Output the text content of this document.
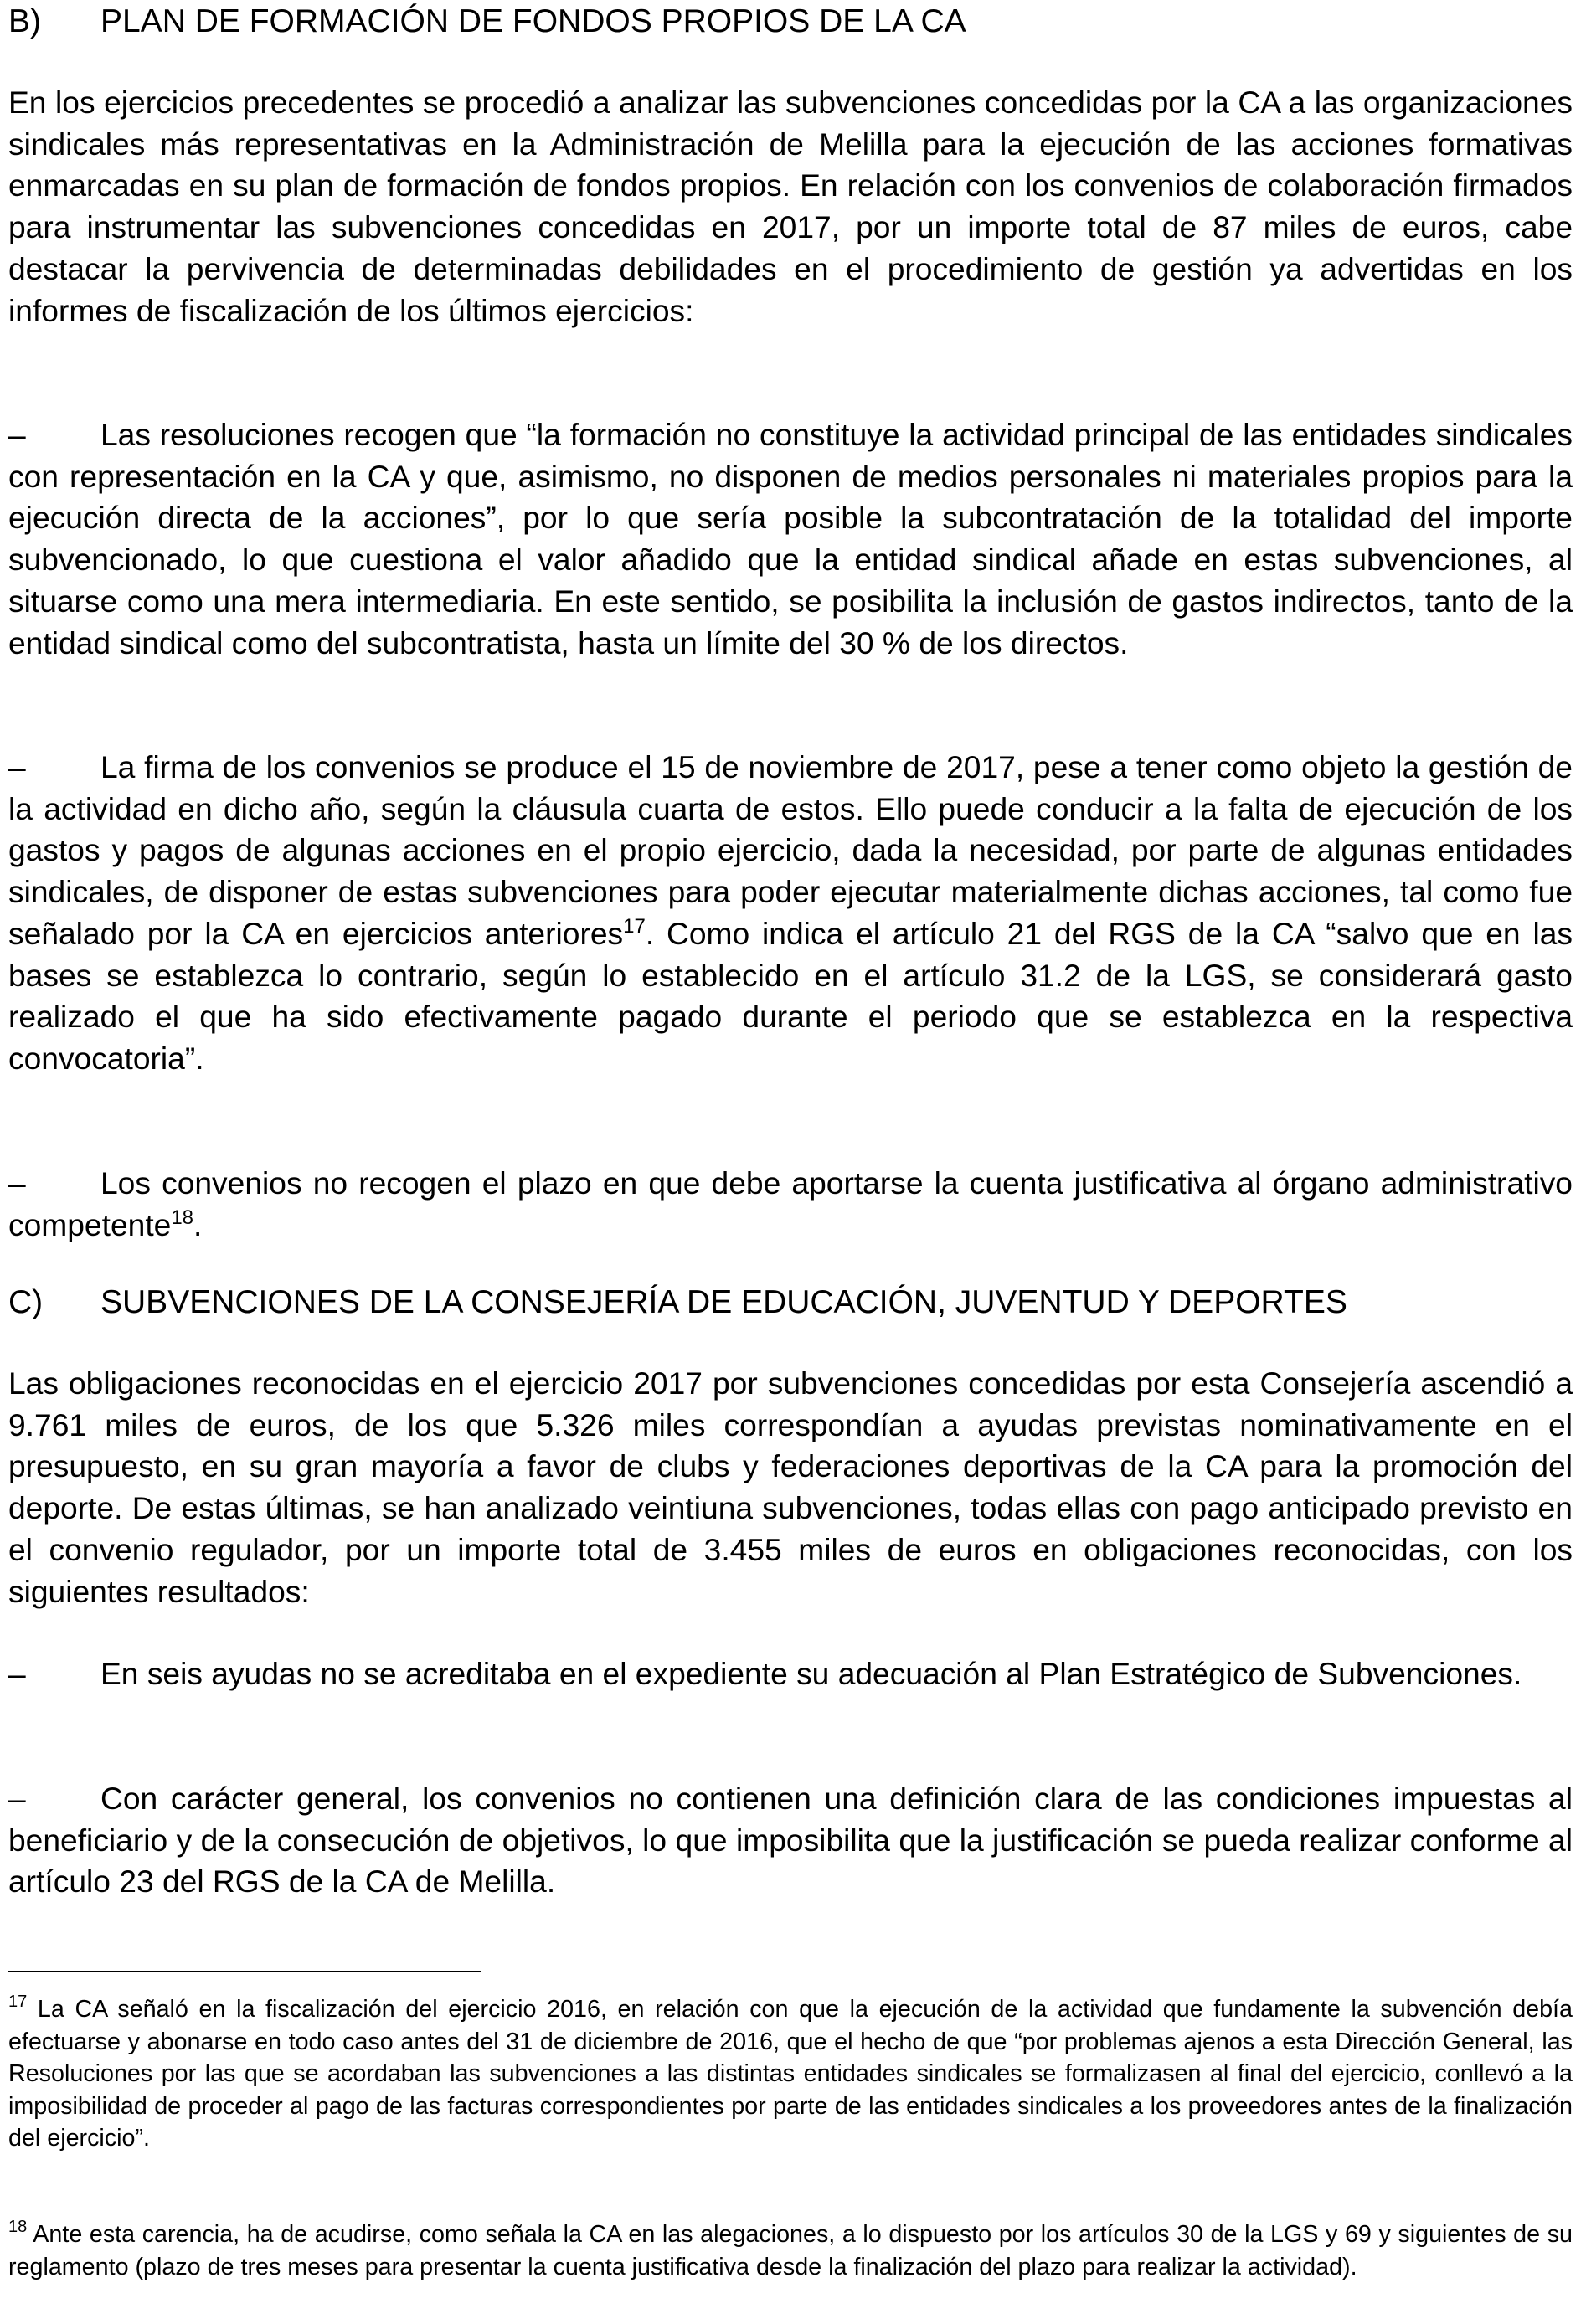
B) PLAN DE FORMACIÓN DE FONDOS PROPIOS DE LA CA

En los ejercicios precedentes se procedió a analizar las subvenciones concedidas por la CA a las organizaciones sindicales más representativas en la Administración de Melilla para la ejecución de las acciones formativas enmarcadas en su plan de formación de fondos propios. En relación con los convenios de colaboración firmados para instrumentar las subvenciones concedidas en 2017, por un importe total de 87 miles de euros, cabe destacar la pervivencia de determinadas debilidades en el procedimiento de gestión ya advertidas en los informes de fiscalización de los últimos ejercicios:

– Las resoluciones recogen que “la formación no constituye la actividad principal de las entidades sindicales con representación en la CA y que, asimismo, no disponen de medios personales ni materiales propios para la ejecución directa de la acciones”, por lo que sería posible la subcontratación de la totalidad del importe subvencionado, lo que cuestiona el valor añadido que la entidad sindical añade en estas subvenciones, al situarse como una mera intermediaria. En este sentido, se posibilita la inclusión de gastos indirectos, tanto de la entidad sindical como del subcontratista, hasta un límite del 30 % de los directos.

– La firma de los convenios se produce el 15 de noviembre de 2017, pese a tener como objeto la gestión de la actividad en dicho año, según la cláusula cuarta de estos. Ello puede conducir a la falta de ejecución de los gastos y pagos de algunas acciones en el propio ejercicio, dada la necesidad, por parte de algunas entidades sindicales, de disponer de estas subvenciones para poder ejecutar materialmente dichas acciones, tal como fue señalado por la CA en ejercicios anteriores$^{17}$. Como indica el artículo 21 del RGS de la CA “salvo que en las bases se establezca lo contrario, según lo establecido en el artículo 31.2 de la LGS, se considerará gasto realizado el que ha sido efectivamente pagado durante el periodo que se establezca en la respectiva convocatoria”.

– Los convenios no recogen el plazo en que debe aportarse la cuenta justificativa al órgano administrativo competente$^{18}$.

C) SUBVENCIONES DE LA CONSEJERÍA DE EDUCACIÓN, JUVENTUD Y DEPORTES

Las obligaciones reconocidas en el ejercicio 2017 por subvenciones concedidas por esta Consejería ascendió a 9.761 miles de euros, de los que 5.326 miles correspondían a ayudas previstas nominativamente en el presupuesto, en su gran mayoría a favor de clubs y federaciones deportivas de la CA para la promoción del deporte. De estas últimas, se han analizado veintiuna subvenciones, todas ellas con pago anticipado previsto en el convenio regulador, por un importe total de 3.455 miles de euros en obligaciones reconocidas, con los siguientes resultados:

– En seis ayudas no se acreditaba en el expediente su adecuación al Plan Estratégico de Subvenciones.

– Con carácter general, los convenios no contienen una definición clara de las condiciones impuestas al beneficiario y de la consecución de objetivos, lo que imposibilita que la justificación se pueda realizar conforme al artículo 23 del RGS de la CA de Melilla.

$^{17}$ La CA señaló en la fiscalización del ejercicio 2016, en relación con que la ejecución de la actividad que fundamente la subvención debía efectuarse y abonarse en todo caso antes del 31 de diciembre de 2016, que el hecho de que “por problemas ajenos a esta Dirección General, las Resoluciones por las que se acordaban las subvenciones a las distintas entidades sindicales se formalizasen al final del ejercicio, conllevó a la imposibilidad de proceder al pago de las facturas correspondientes por parte de las entidades sindicales a los proveedores antes de la finalización del ejercicio”.

$^{18}$ Ante esta carencia, ha de acudirse, como señala la CA en las alegaciones, a lo dispuesto por los artículos 30 de la LGS y 69 y siguientes de su reglamento (plazo de tres meses para presentar la cuenta justificativa desde la finalización del plazo para realizar la actividad).
